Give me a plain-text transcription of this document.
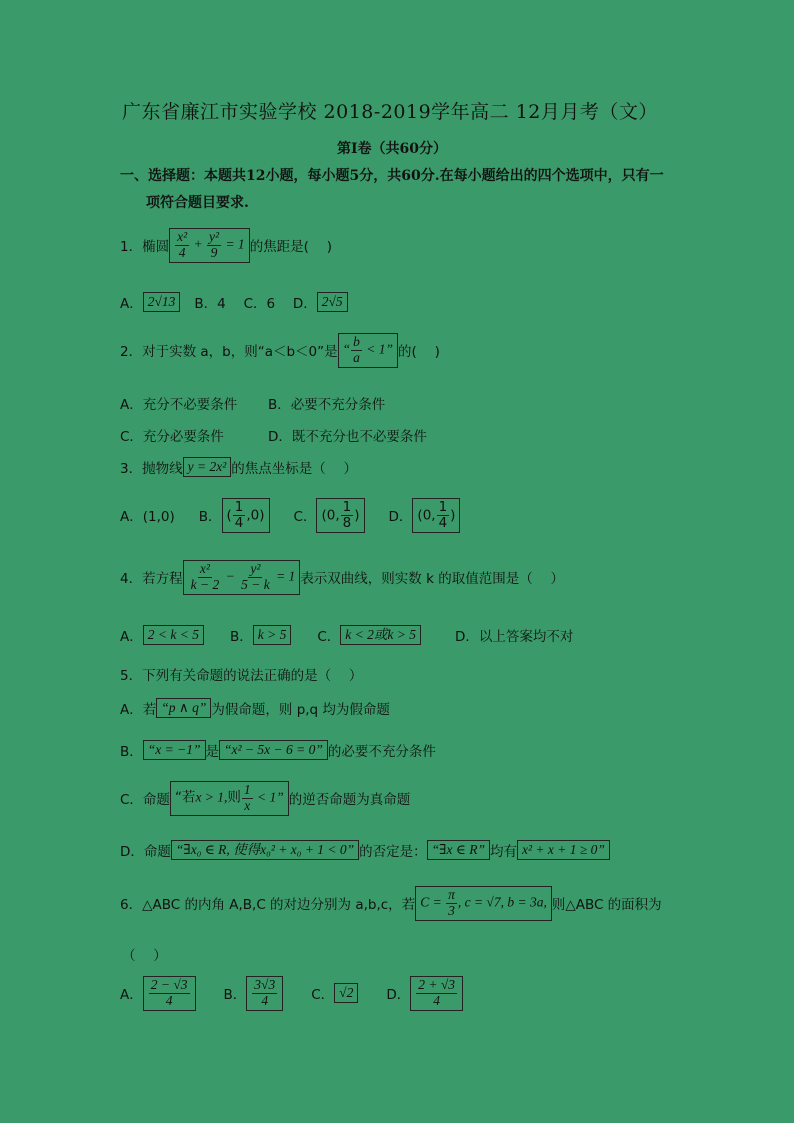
广东省廉江市实验学校 2018-2019学年高二 12月月考（文）
第Ⅰ卷（共60分）
一、选择题：本题共12小题，每小题5分，共60分.在每小题给出的四个选项中，只有一
项符合题目要求.
1．椭圆 $\frac{\text{x²}}{4} + \frac{\text{y²}}{9} = 1$ 的焦距是(　 )
A． 2√13	B．4　 C．6　 D． 2√5
2．对于实数 a，b，则“a＜b＜0”是 “ $\frac{b}{a} < 1$” 的(　 )
A．充分不必要条件 B．必要不充分条件
C．充分必要条件	D．既不充分也不必要条件
3．抛物线 y = 2x² 的焦点坐标是（　 ）
A．(1,0) B． ( $\frac{1}{4} ,0$)	C． (0, $\frac{1}{8}$ )	D． (0, $\frac{1}{4}$ )
4．若方程 $\frac{\text{x²}}{k - 2} - \frac{\text{y²}}{5 - k} = 1$ 表示双曲线，则实数 k 的取值范围是（　 ）
A． 2 < k < 5	B． k > 5	C． k < 2或k > 5	D．以上答案均不对
5．下列有关命题的说法正确的是（　 ）
A．若 “p ∧ q” 为假命题，则 p,q 均为假命题
B． “x = −1” 是 “x² − 5x − 6 = 0” 的必要不充分条件
C．命题 “若x > 1,则 $\frac{1}{x} < 1$” 的逆否命题为真命题
D．命题 “∃x₀ ∈ R, 使得x₀² + x₀ + 1 < 0” 的否定是： “∃x ∈ R” 均有 x² + x + 1 ≥ 0”
6．△ABC 的内角 A,B,C 的对边分别为 a,b,c，若 $C = \frac{\pi}{3}$ , c = √7, b = 3a, 则△ABC 的面积为
（　 ）
A． $\frac{2 - √3}{4}$	B． $\frac{3√3}{4}$	C． √2	D． $\frac{2 + √3}{4}$
